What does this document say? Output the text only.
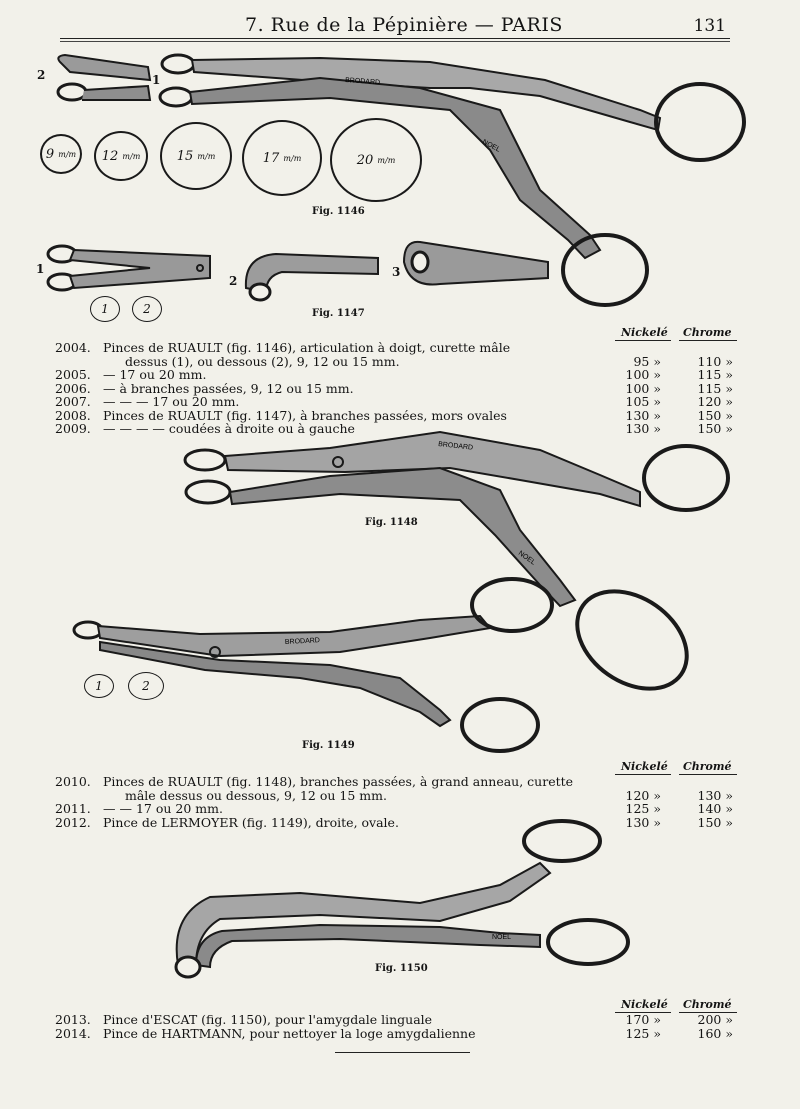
7. Rue de la Pépinière — PARIS	131
BRODARD
NOEL
2	1
9
m/m 12
m/m	15
m/m	17
m/m	20
m/m
Fig. 1146
1
2
3
1	2	Fig. 1147
Nickelé Chrome
2004. Pinces de RUAULT (fig. 1146), articulation à doigt, curette mâle
dessus (1), ou dessous (2), 9, 12 ou 15 mm.	95 »	110 »
2005. — 17 ou 20 mm.	100 »	115 »
2006. — à branches passées, 9, 12 ou 15 mm.	100 »	115 »
2007. — — — 17 ou 20 mm.	105 »	120 »
2008. Pinces de RUAULT (fig. 1147), à branches passées, mors ovales	130 »	150 »
2009. — — — — coudées à droite ou à gauche	130 »	150 »
BRODARD
NOEL
BRODARD
Fig. 1148
1	2
Fig. 1149
Nickelé Chromé
2010. Pinces de RUAULT (fig. 1148), branches passées, à grand anneau, curette
mâle dessus ou dessous, 9, 12 ou 15 mm.	120 »	130 »
2011. — — 17 ou 20 mm.	125 »	140 »
2012. Pince de LERMOYER (fig. 1149), droite, ovale.	130 »	150 »
NOEL
Fig. 1150
Nickelé Chromé
2013. Pince d'ESCAT (fig. 1150), pour l'amygdale linguale	170 »	200 »
2014. Pince de HARTMANN, pour nettoyer la loge amygdalienne	125 »	160 »
